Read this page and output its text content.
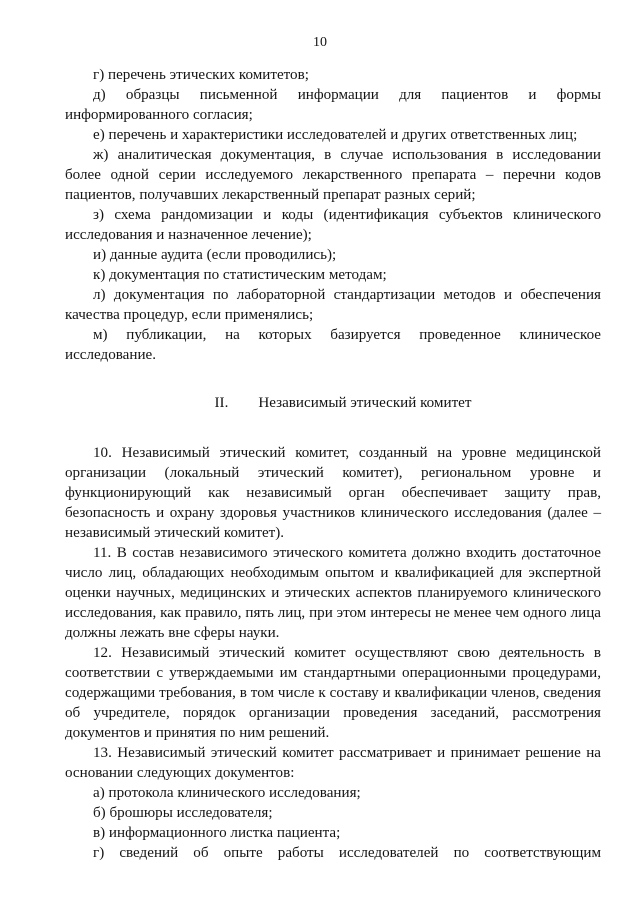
10

г) перечень этических комитетов;

д) образцы письменной информации для пациентов и формы информированного согласия;

е) перечень и характеристики исследователей и других ответственных лиц;

ж) аналитическая документация, в случае использования в исследовании более одной серии исследуемого лекарственного препарата – перечни кодов пациентов, получавших лекарственный препарат разных серий;

з) схема рандомизации и коды (идентификация субъектов клинического исследования и назначенное лечение);

и) данные аудита (если проводились);

к) документация по статистическим методам;

л) документация по лабораторной стандартизации методов и обеспечения качества процедур, если применялись;

м) публикации, на которых базируется проведенное клиническое исследование.

II. Независимый этический комитет

10. Независимый этический комитет, созданный на уровне медицинской организации (локальный этический комитет), региональном уровне и функционирующий как независимый орган обеспечивает защиту прав, безопасность и охрану здоровья участников клинического исследования (далее – независимый этический комитет).

11. В состав независимого этического комитета должно входить достаточное число лиц, обладающих необходимым опытом и квалификацией для экспертной оценки научных, медицинских и этических аспектов планируемого клинического исследования, как правило, пять лиц, при этом интересы не менее чем одного лица должны лежать вне сферы науки.

12. Независимый этический комитет осуществляют свою деятельность в соответствии с утверждаемыми им стандартными операционными процедурами, содержащими требования, в том числе к составу и квалификации членов, сведения об учредителе, порядок организации проведения заседаний, рассмотрения документов и принятия по ним решений.

13. Независимый этический комитет рассматривает и принимает решение на основании следующих документов:

а) протокола клинического исследования;

б) брошюры исследователя;

в) информационного листка пациента;

г) сведений об опыте работы исследователей по соответствующим
